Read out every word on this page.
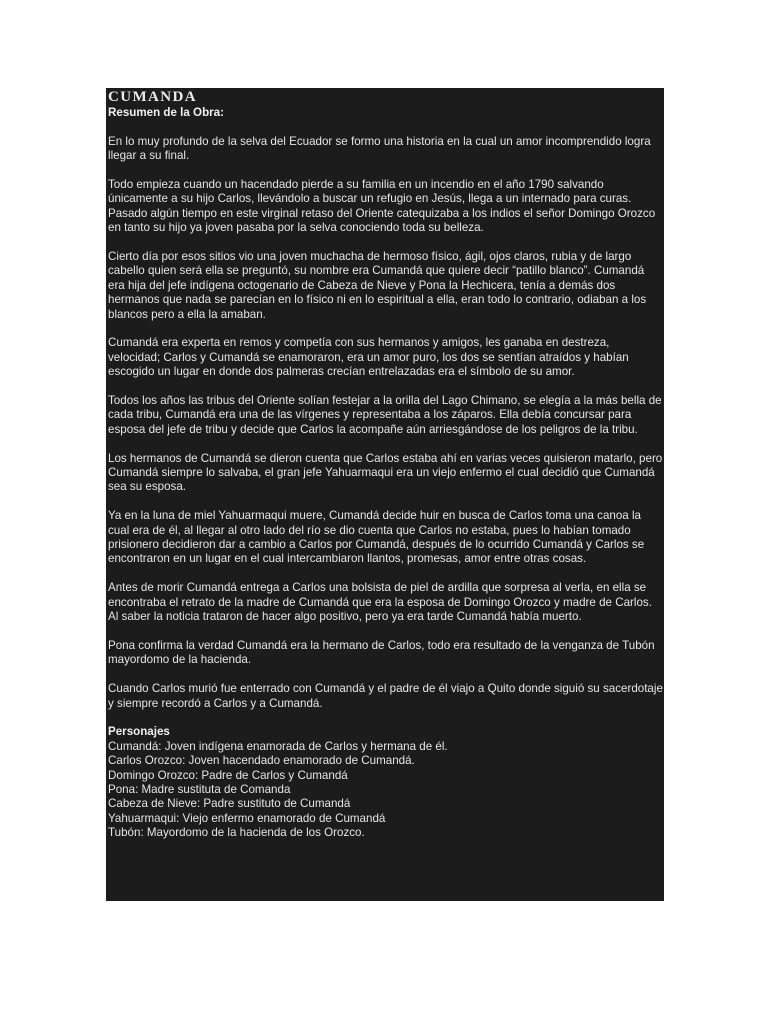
CUMANDA
Resumen de la Obra:

En lo muy profundo de la selva del Ecuador se formo una historia en la cual un amor incomprendido logra llegar a su final.

Todo empieza cuando un hacendado pierde a su familia en un incendio en el año 1790 salvando únicamente a su hijo Carlos, llevándolo a buscar un refugio en Jesús, llega a un internado para curas. Pasado algún tiempo en este virginal retaso del Oriente catequizaba a los indios el señor Domingo Orozco en tanto su hijo ya joven pasaba por la selva conociendo toda su belleza.

Cierto día por esos sitios vio una joven muchacha de hermoso físico, ágil, ojos claros, rubia y de largo cabello quien será ella se preguntó, su nombre era Cumandá que quiere decir “patillo blanco”. Cumandá era hija del jefe indígena octogenario de Cabeza de Nieve y Pona la Hechicera, tenía a demás dos hermanos que nada se parecían en lo físico ni en lo espiritual a ella, eran todo lo contrario, odiaban a los blancos pero a ella la amaban.

Cumandá era experta en remos y competía con sus hermanos y amigos, les ganaba en destreza, velocidad; Carlos y Cumandá se enamoraron, era un amor puro, los dos se sentían atraídos y habían escogido un lugar en donde dos palmeras crecían entrelazadas era el símbolo de su amor.

Todos los años las tribus del Oriente solían festejar a la orilla del Lago Chimano, se elegía a la más bella de cada tribu, Cumandá era una de las vírgenes y representaba a los záparos. Ella debía concursar para esposa del jefe de tribu y decide que Carlos la acompañe aún arriesgándose de los peligros de la tribu.

Los hermanos de Cumandá se dieron cuenta que Carlos estaba ahí en varias veces quisieron matarlo, pero Cumandá siempre lo salvaba, el gran jefe Yahuarmaqui era un viejo enfermo el cual decidió que Cumandá sea su esposa.

Ya en la luna de miel Yahuarmaqui muere, Cumandá decide huir en busca de Carlos toma una canoa la cual era de él, al llegar al otro lado del río se dio cuenta que Carlos no estaba, pues lo habían tomado prisionero decidieron dar a cambio a Carlos por Cumandá, después de lo ocurrido Cumandá y Carlos se encontraron en un lugar en el cual intercambiaron llantos, promesas, amor entre otras cosas.

Antes de morir Cumandá entrega a Carlos una bolsista de piel de ardilla que sorpresa al verla, en ella se encontraba el retrato de la madre de Cumandá que era la esposa de Domingo Orozco y madre de Carlos. Al saber la noticia trataron de hacer algo positivo, pero ya era tarde Cumandá había muerto.

Pona confirma la verdad Cumandá era la hermano de Carlos, todo era resultado de la venganza de Tubón mayordomo de la hacienda.

Cuando Carlos murió fue enterrado con Cumandá y el padre de él viajo a Quito donde siguió su sacerdotaje y siempre recordó a Carlos y a Cumandá.

Personajes
Cumandá: Joven indígena enamorada de Carlos y hermana de él.
Carlos Orozco: Joven hacendado enamorado de Cumandá.
Domingo Orozco: Padre de Carlos y Cumandá
Pona: Madre sustituta de Comanda
Cabeza de Nieve: Padre sustituto de Cumandá
Yahuarmaqui: Viejo enfermo enamorado de Cumandá
Tubón: Mayordomo de la hacienda de los Orozco.
